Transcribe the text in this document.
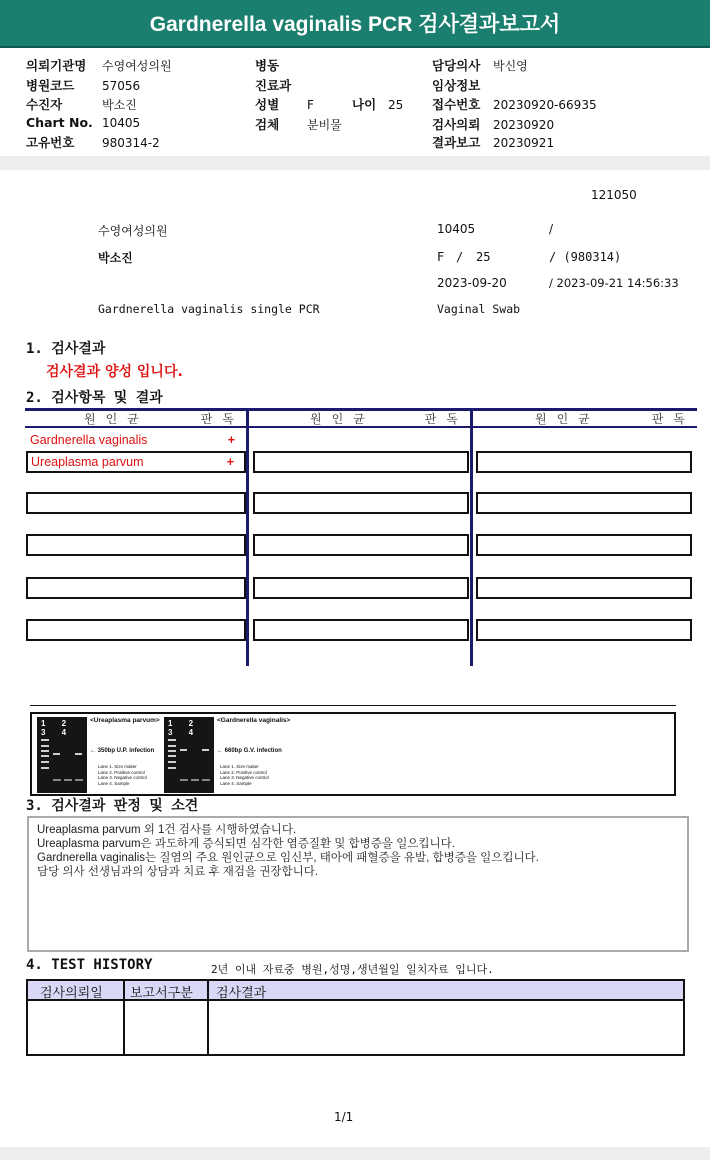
Gardnerella vaginalis PCR 검사결과보고서
의뢰기관명 수영여성의원
병원코드 57056
수진자	박소진
Chart No. 10405
고유번호 980314-2
병동
진료과
성별 F	나이 25
검체 분비물
담당의사 박신영
임상정보
접수번호 20230920-66935
검사의뢰 20230920
결과보고 20230921
121050
수영여성의원	10405	/
박소진	F / 25	/ (980314)
2023-09-20	/ 2023-09-21 14:56:33
Gardnerella vaginalis single PCR	Vaginal Swab
1. 검사결과
검사결과 양성 입니다.
2. 검사항목 및 결과
원인균	판독	원인균	판독	원인균	판독
Gardnerella vaginalis	+
Ureaplasma parvum	+
1 2 3 4
<Ureaplasma parvum>
← 350bp U.P. infection
Lane 1. Size maker
Lane 2. Positive control
Lane 3. Negative control
Lane 4. Sample
1 2 3 4
<Gardnerella vaginalis>
← 660bp G.V. infection
Lane 1. Size maker
Lane 2. Positive control
Lane 3. Negative control
Lane 4. Sample
3. 검사결과 판정 및 소견
Ureaplasma parvum 외 1건 검사를 시행하였습니다.
Ureaplasma parvum은 과도하게 증식되면 심각한 염증질환 및 합병증을 일으킵니다.
Gardnerella vaginalis는 질염의 주요 원인균으로 임신부, 태아에 패혈증을 유발, 합병증을 일으킵니다.
담당 의사 선생님과의 상담과 치료 후 재검을 권장합니다.
4. TEST HISTORY	2년 이내 자료중 병원,성명,생년월일 일치자료 입니다.
검사의뢰일 보고서구분 검사결과
1/1
